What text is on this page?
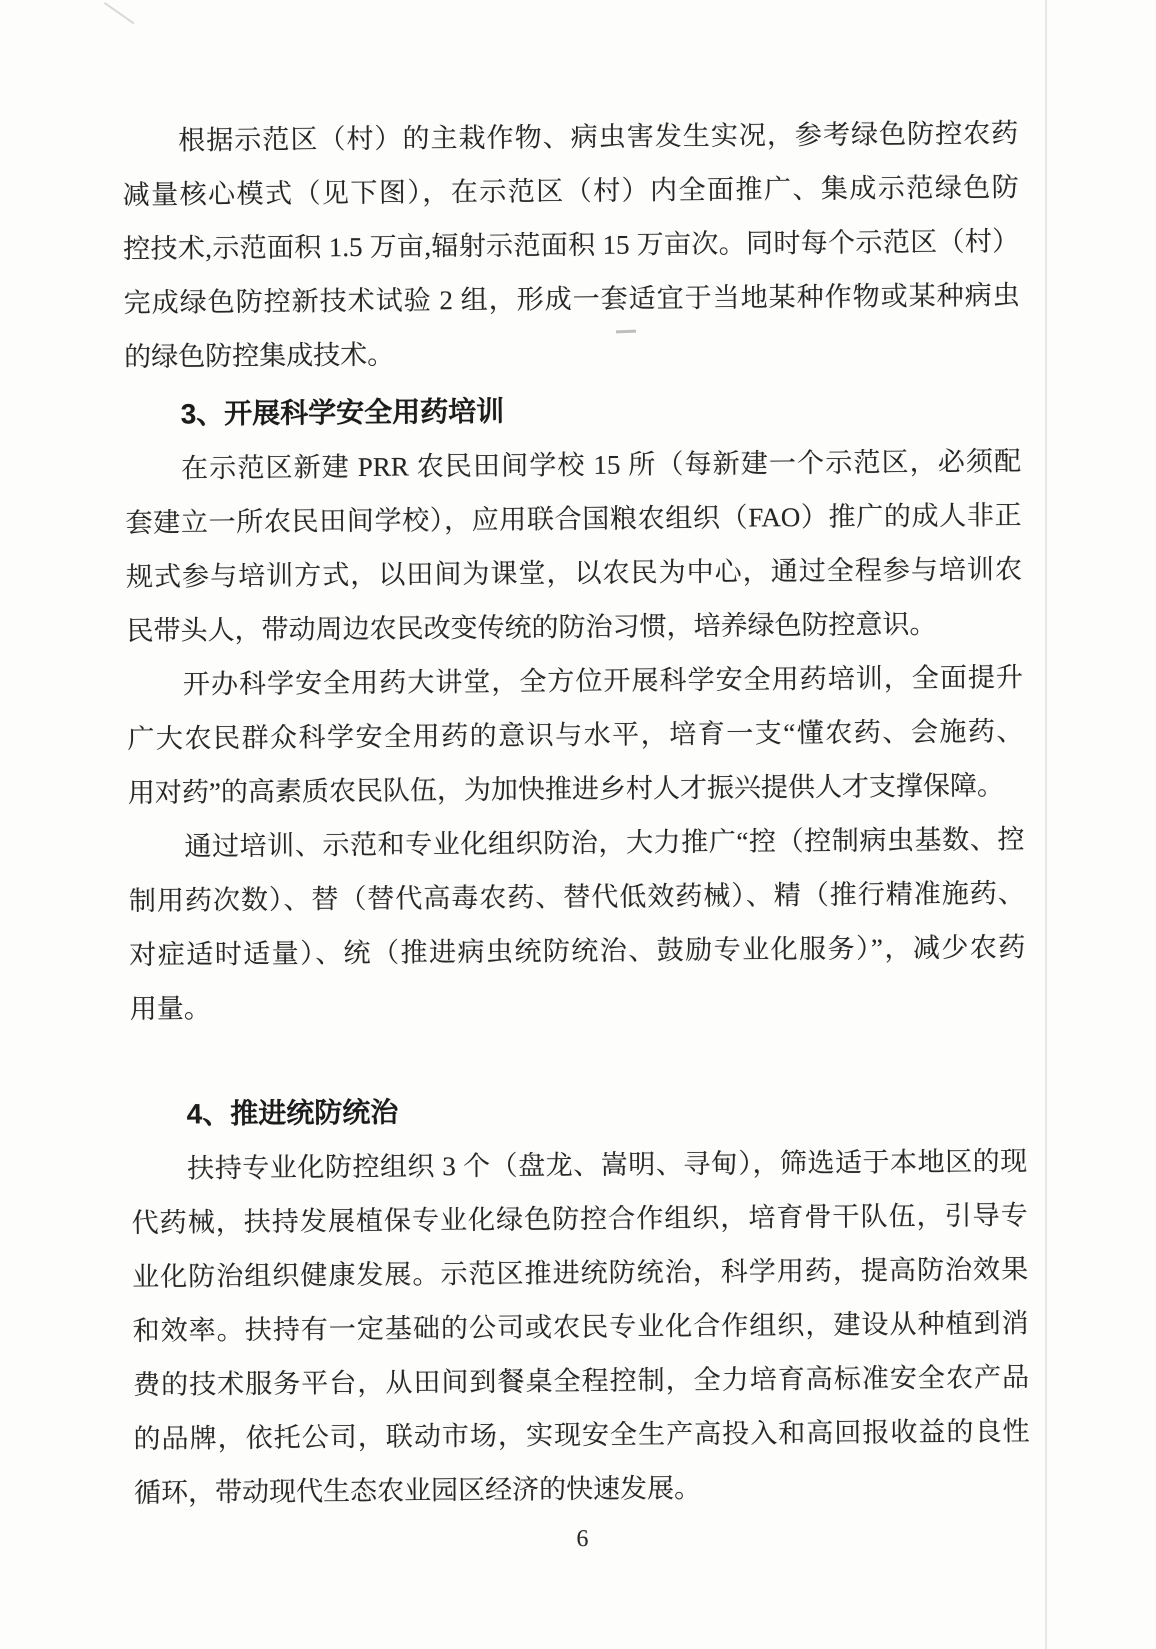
根据示范区（村）的主栽作物、病虫害发生实况，参考绿色防控农药
减量核心模式（见下图），在示范区（村）内全面推广、集成示范绿色防
控技术,示范面积 1.5 万亩,辐射示范面积 15 万亩次。同时每个示范区（村）
完成绿色防控新技术试验 2 组，形成一套适宜于当地某种作物或某种病虫
的绿色防控集成技术。
3、开展科学安全用药培训
在示范区新建 PRR 农民田间学校 15 所（每新建一个示范区，必须配
套建立一所农民田间学校），应用联合国粮农组织（FAO）推广的成人非正
规式参与培训方式，以田间为课堂，以农民为中心，通过全程参与培训农
民带头人，带动周边农民改变传统的防治习惯，培养绿色防控意识。
开办科学安全用药大讲堂，全方位开展科学安全用药培训，全面提升
广大农民群众科学安全用药的意识与水平，培育一支“懂农药、会施药、
用对药”的高素质农民队伍，为加快推进乡村人才振兴提供人才支撑保障。
通过培训、示范和专业化组织防治，大力推广“控（控制病虫基数、控
制用药次数）、替（替代高毒农药、替代低效药械）、精（推行精准施药、
对症适时适量）、统（推进病虫统防统治、鼓励专业化服务）”，减少农药
用量。
4、推进统防统治
扶持专业化防控组织 3 个（盘龙、嵩明、寻甸），筛选适于本地区的现
代药械，扶持发展植保专业化绿色防控合作组织，培育骨干队伍，引导专
业化防治组织健康发展。示范区推进统防统治，科学用药，提高防治效果
和效率。扶持有一定基础的公司或农民专业化合作组织，建设从种植到消
费的技术服务平台，从田间到餐桌全程控制，全力培育高标准安全农产品
的品牌，依托公司，联动市场，实现安全生产高投入和高回报收益的良性
循环，带动现代生态农业园区经济的快速发展。
6
